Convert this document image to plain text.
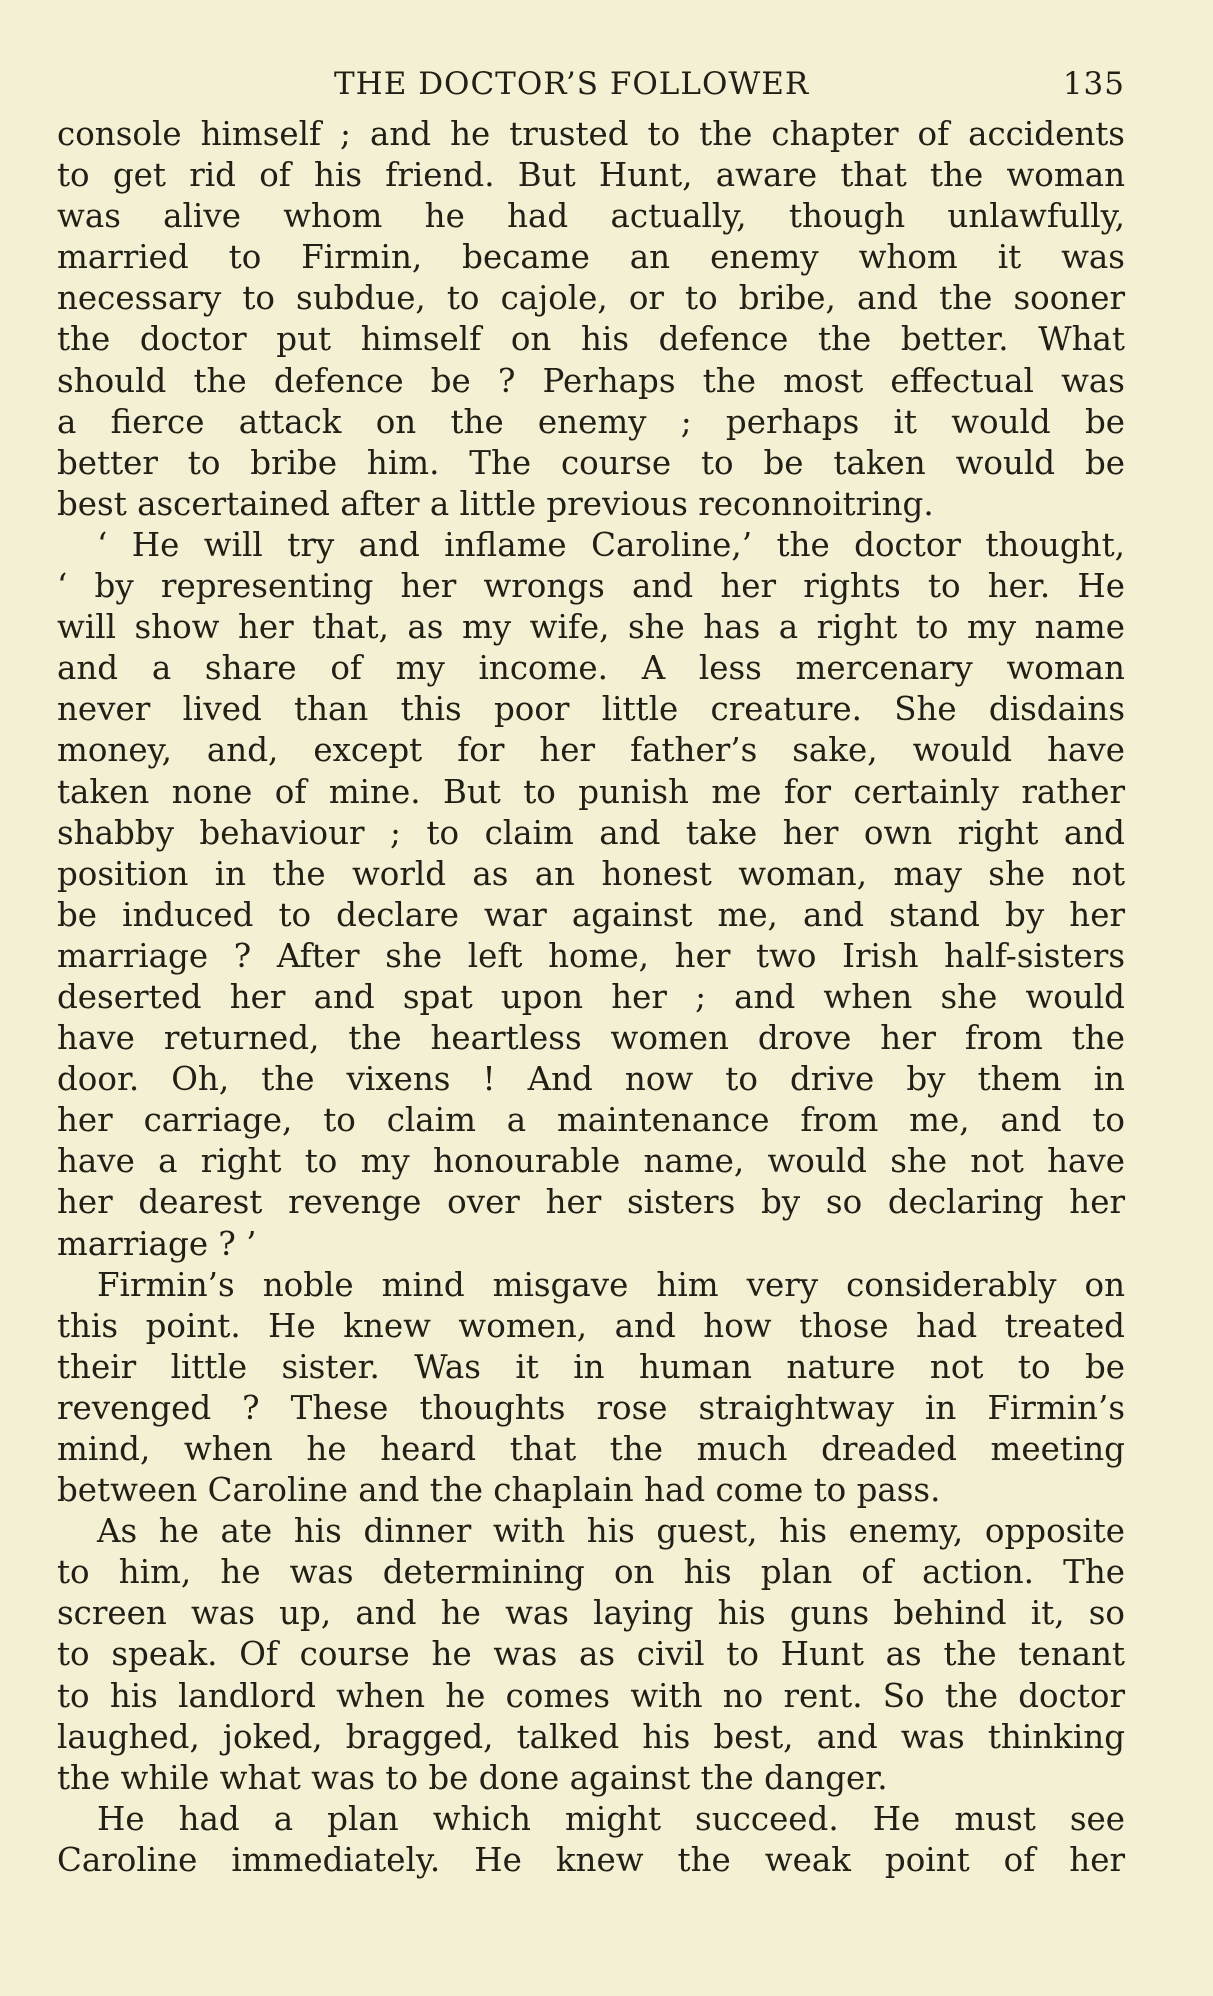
THE DOCTOR’S FOLLOWER	135
console himself ; and he trusted to the chapter of accidents
to get rid of his friend. But Hunt, aware that the woman
was alive whom he had actually, though unlawfully,
married to Firmin, became an enemy whom it was
necessary to subdue, to cajole, or to bribe, and the sooner
the doctor put himself on his defence the better. What
should the defence be ? Perhaps the most effectual was
a fierce attack on the enemy ; perhaps it would be
better to bribe him. The course to be taken would be
best ascertained after a little previous reconnoitring.
‘ He will try and inflame Caroline,’ the doctor thought,
‘ by representing her wrongs and her rights to her. He
will show her that, as my wife, she has a right to my name
and a share of my income. A less mercenary woman
never lived than this poor little creature. She disdains
money, and, except for her father’s sake, would have
taken none of mine. But to punish me for certainly rather
shabby behaviour ; to claim and take her own right and
position in the world as an honest woman, may she not
be induced to declare war against me, and stand by her
marriage ? After she left home, her two Irish half-sisters
deserted her and spat upon her ; and when she would
have returned, the heartless women drove her from the
door. Oh, the vixens ! And now to drive by them in
her carriage, to claim a maintenance from me, and to
have a right to my honourable name, would she not have
her dearest revenge over her sisters by so declaring her
marriage ? ’
Firmin’s noble mind misgave him very considerably on
this point. He knew women, and how those had treated
their little sister. Was it in human nature not to be
revenged ? These thoughts rose straightway in Firmin’s
mind, when he heard that the much dreaded meeting
between Caroline and the chaplain had come to pass.
As he ate his dinner with his guest, his enemy, opposite
to him, he was determining on his plan of action. The
screen was up, and he was laying his guns behind it, so
to speak. Of course he was as civil to Hunt as the tenant
to his landlord when he comes with no rent. So the doctor
laughed, joked, bragged, talked his best, and was thinking
the while what was to be done against the danger.
He had a plan which might succeed. He must see
Caroline immediately. He knew the weak point of her
